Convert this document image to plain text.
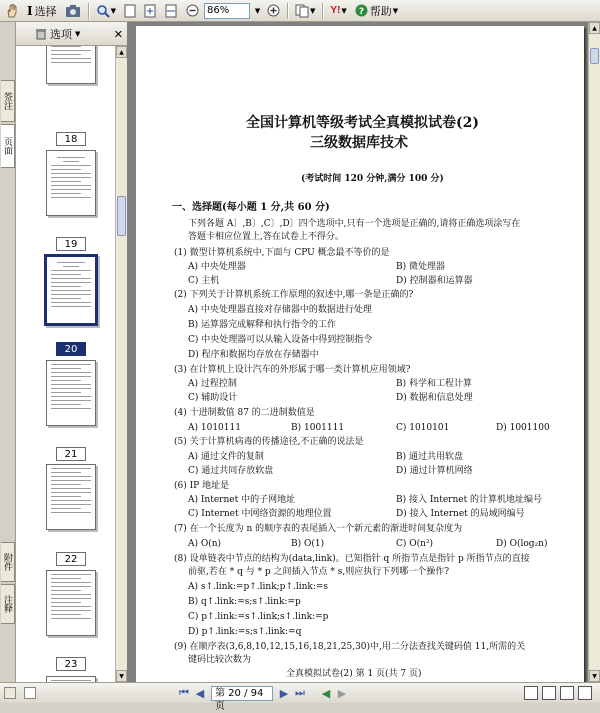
I 选择	▼	86%	▼	▼ Y! ▼ ? 帮助 ▼
签注
页面
附件
注释
选项 ▼	✕
18
19
20
21
22
23
▲
▼
全国计算机等级考试全真模拟试卷(2)
三级数据库技术
(考试时间 120 分钟,满分 100 分)
一、选择题(每小题 1 分,共 60 分)
下列各题 A〕,B〕,C〕,D〕四个选项中,只有一个选项是正确的,请将正确选项涂写在
答题卡相应位置上,答在试卷上不得分。
(1) 微型计算机系统中,下面与 CPU 概念最不等价的是
A) 中央处理器	B) 微处理器
C) 主机	D) 控制器和运算器
(2) 下列关于计算机系统工作原理的叙述中,哪一条是正确的?
A) 中央处理器直接对存储器中的数据进行处理
B) 运算器完成解释和执行指令的工作
C) 中央处理器可以从输入设备中得到控制指令
D) 程序和数据均存放在存储器中
(3) 在计算机上设计汽车的外形属于哪一类计算机应用领域?
A) 过程控制	B) 科学和工程计算
C) 辅助设计	D) 数据和信息处理
(4) 十进制数值 87 的二进制数值是
A) 1010111	B) 1001111	C) 1010101	D) 1001100
(5) 关于计算机病毒的传播途径,不正确的说法是
A) 通过文件的复制	B) 通过共用软盘
C) 通过共同存放软盘	D) 通过计算机网络
(6) IP 地址是
A) Internet 中的子网地址	B) 接入 Internet 的计算机地址编号
C) Internet 中网络资源的地理位置	D) 接入 Internet 的局域网编号
(7) 在一个长度为 n 的顺序表的表尾插入一个新元素的渐进时间复杂度为
A) O(n)	B) O(1)	C) O(n²)	D) O(log₂n)
(8) 设单链表中节点的结构为(data,link)。已知指针 q 所指节点是指针 p 所指节点的直接
前驱,若在 * q 与 * p 之间插入节点 * s,则应执行下列哪一个操作?
A) s↑.link:=p↑.link;p↑.link:=s
B) q↑.link:=s;s↑.link:=p
C) p↑.link:=s↑.link;s↑.link:=p
D) p↑.link:=s;s↑.link:=q
(9) 在顺序表(3,6,8,10,12,15,16,18,21,25,30)中,用二分法查找关键码值 11,所需的关
键码比较次数为
全真模拟试卷(2) 第 1 页(共 7 页)
▲
▼
⏮ ◀	第 20 / 94 页
▶ ⏭ ◀ ▶
